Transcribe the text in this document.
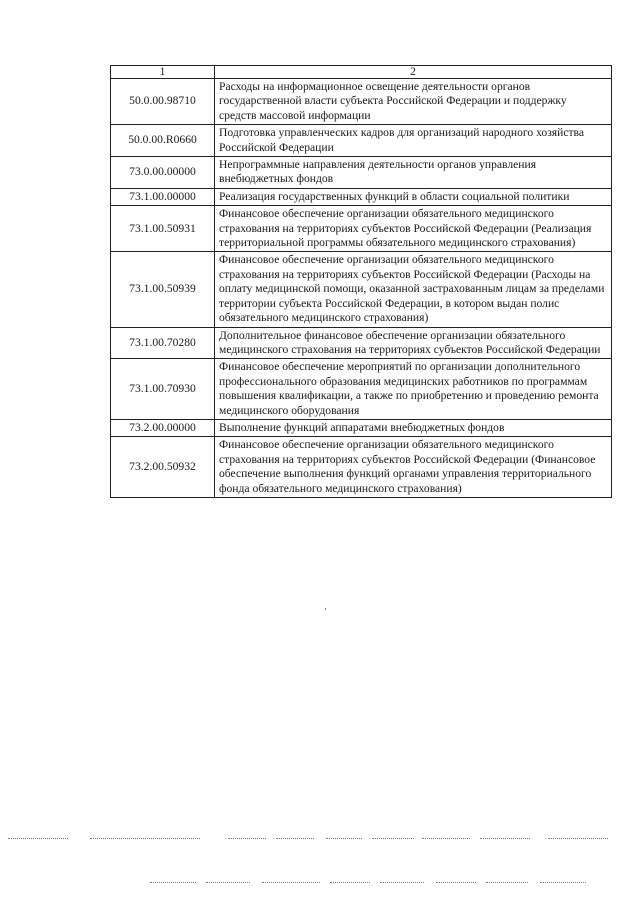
1	2
50.0.00.98710	Расходы на информационное освещение деятельности органов государственной власти субъекта Российской Федерации и поддержку средств массовой информации
50.0.00.R0660	Подготовка управленческих кадров для организаций народного хозяйства Российской Федерации
73.0.00.00000	Непрограммные направления деятельности органов управления внебюджетных фондов
73.1.00.00000	Реализация государственных функций в области социальной политики
73.1.00.50931	Финансовое обеспечение организации обязательного медицинского страхования на территориях субъектов Российской Федерации (Реализация территориальной программы обязательного медицинского страхования)
73.1.00.50939	Финансовое обеспечение организации обязательного медицинского страхования на территориях субъектов Российской Федерации (Расходы на оплату медицинской помощи, оказанной застрахованным лицам за пределами территории субъекта Российской Федерации, в котором выдан полис обязательного медицинского страхования)
73.1.00.70280	Дополнительное финансовое обеспечение организации обязательного медицинского страхования на территориях субъектов Российской Федерации
73.1.00.70930	Финансовое обеспечение мероприятий по организации дополнительного профессионального образования медицинских работников по программам повышения квалификации, а также по приобретению и проведению ремонта медицинского оборудования
73.2.00.00000	Выполнение функций аппаратами внебюджетных фондов
73.2.00.50932	Финансовое обеспечение организации обязательного медицинского страхования на территориях субъектов Российской Федерации (Финансовое обеспечение выполнения функций органами управления территориального фонда обязательного медицинского страхования)
